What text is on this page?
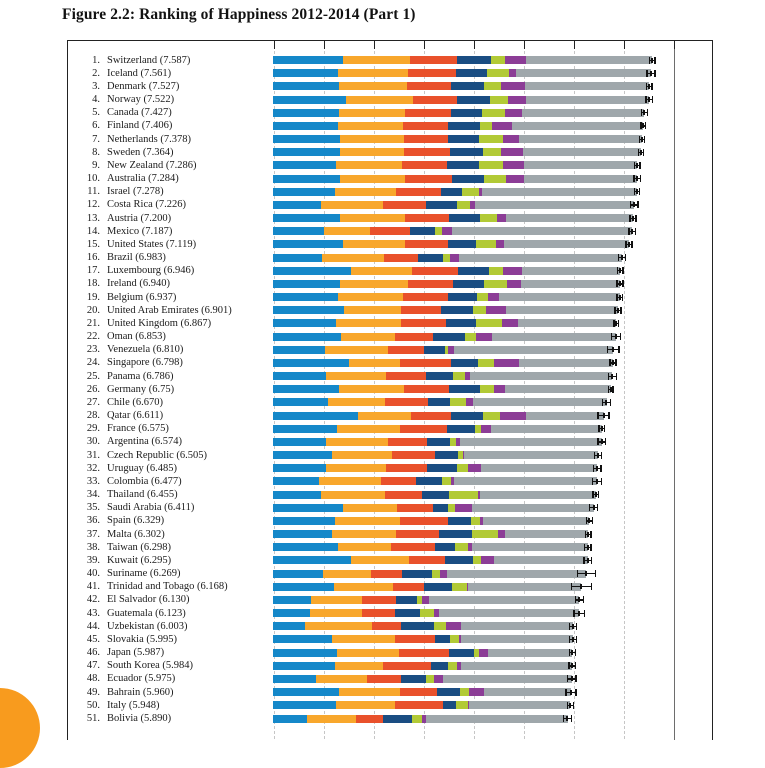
Figure 2.2: Ranking of Happiness 2012-2014 (Part 1)
1. Switzerland (7.587)
2. Iceland (7.561)
3. Denmark (7.527)
4. Norway (7.522)
5. Canada (7.427)
6. Finland (7.406)
7. Netherlands (7.378)
8. Sweden (7.364)
9. New Zealand (7.286)
10. Australia (7.284)
11. Israel (7.278)
12. Costa Rica (7.226)
13. Austria (7.200)
14. Mexico (7.187)
15. United States (7.119)
16. Brazil (6.983)
17. Luxembourg (6.946)
18. Ireland (6.940)
19. Belgium (6.937)
20. United Arab Emirates (6.901)
21. United Kingdom (6.867)
22. Oman (6.853)
23. Venezuela (6.810)
24. Singapore (6.798)
25. Panama (6.786)
26. Germany (6.75)
27. Chile (6.670)
28. Qatar (6.611)
29. France (6.575)
30. Argentina (6.574)
31. Czech Republic (6.505)
32. Uruguay (6.485)
33. Colombia (6.477)
34. Thailand (6.455)
35. Saudi Arabia (6.411)
36. Spain (6.329)
37. Malta (6.302)
38. Taiwan (6.298)
39. Kuwait (6.295)
40. Suriname (6.269)
41. Trinidad and Tobago (6.168)
42. El Salvador (6.130)
43. Guatemala (6.123)
44. Uzbekistan (6.003)
45. Slovakia (5.995)
46. Japan (5.987)
47. South Korea (5.984)
48. Ecuador (5.975)
49. Bahrain (5.960)
50. Italy (5.948)
51. Bolivia (5.890)
